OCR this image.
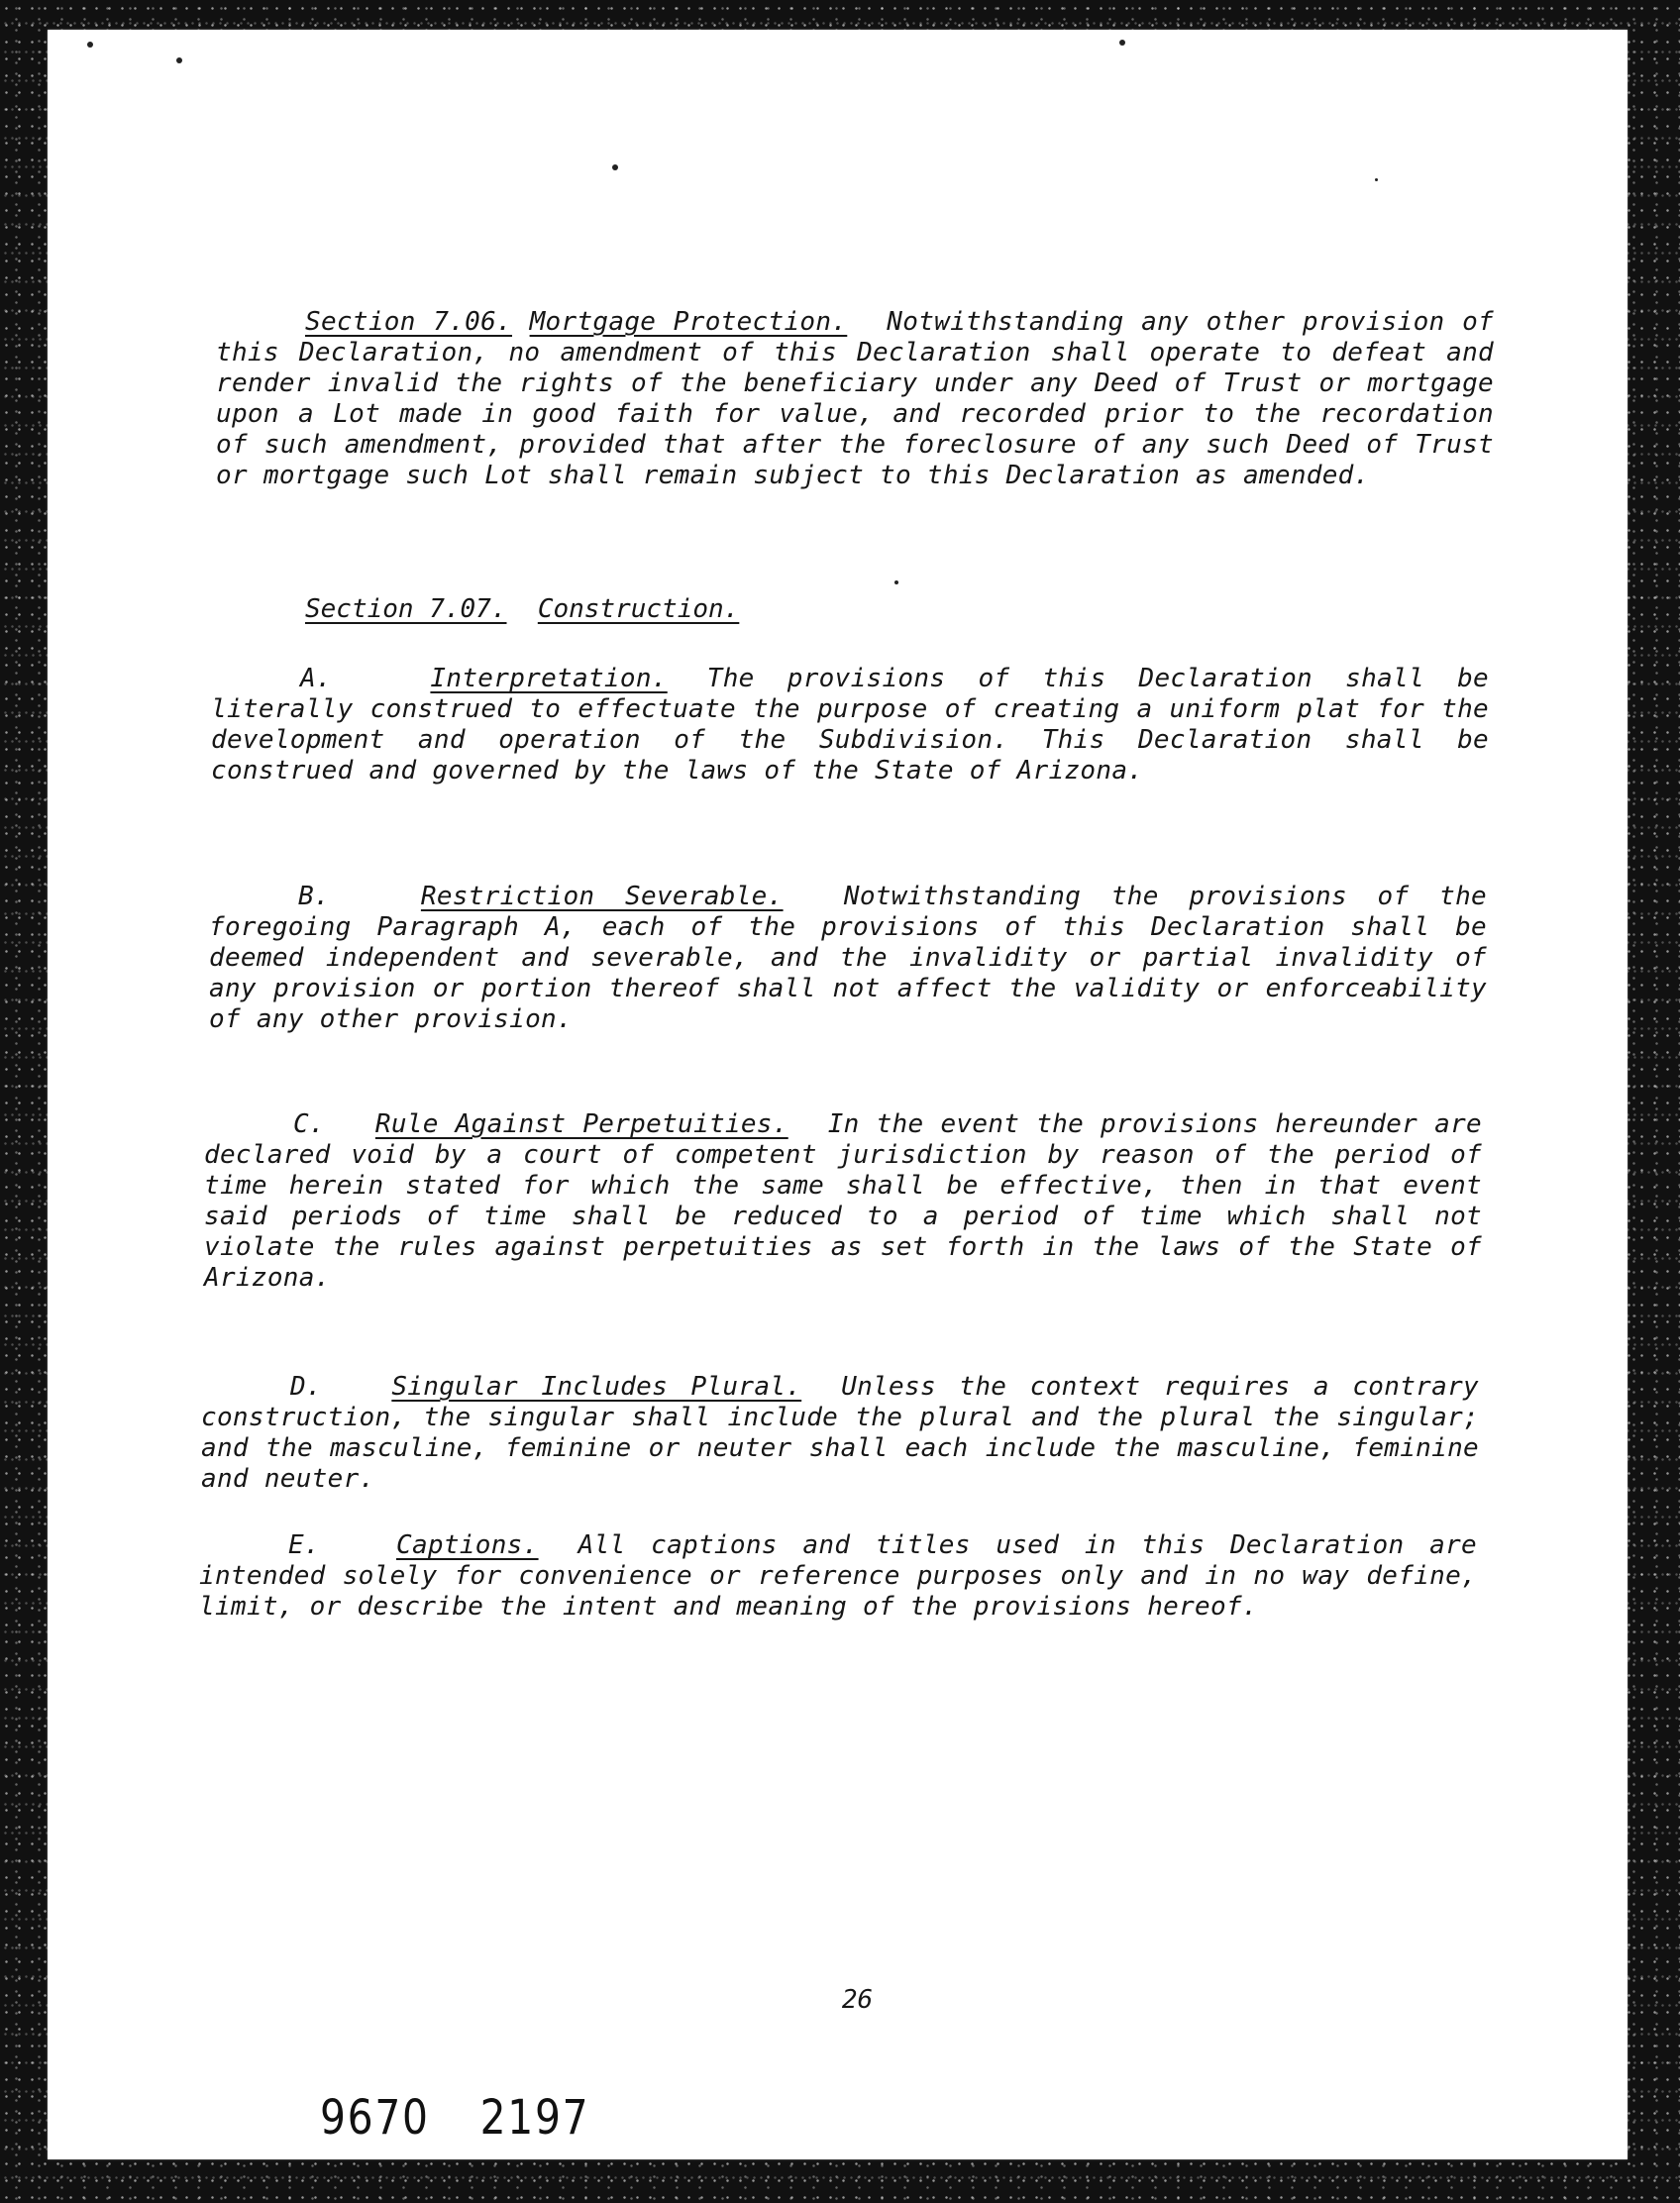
Section 7.06. Mortgage Protection. Notwithstanding any other provision of this Declaration, no amendment of this Declaration shall operate to defeat and render invalid the rights of the beneficiary under any Deed of Trust or mortgage upon a Lot made in good faith for value, and recorded prior to the recordation of such amendment, provided that after the foreclosure of any such Deed of Trust or mortgage such Lot shall remain subject to this Declaration as amended.

Section 7.07. Construction.

A.	Interpretation. The provisions of this Declaration shall be literally construed to effectuate the purpose of creating a uniform plat for the development and operation of the Subdivision. This Declaration shall be construed and governed by the laws of the State of Arizona.

B.	Restriction Severable. Notwithstanding the provisions of the foregoing Paragraph A, each of the provisions of this Declaration shall be deemed independent and severable, and the invalidity or partial invalidity of any provision or portion thereof shall not affect the validity or enforceability of any other provision.

C. Rule Against Perpetuities. In the event the provisions hereunder are declared void by a court of competent jurisdiction by reason of the period of time herein stated for which the same shall be effective, then in that event said periods of time shall be reduced to a period of time which shall not violate the rules against perpetuities as set forth in the laws of the State of Arizona.

D.	Singular Includes Plural. Unless the context requires a contrary construction, the singular shall include the plural and the plural the singular; and the masculine, feminine or neuter shall each include the masculine, feminine and neuter.

E.	Captions. All captions and titles used in this Declaration are intended solely for convenience or reference purposes only and in no way define, limit, or describe the intent and meaning of the provisions hereof.

26
9670 2197
